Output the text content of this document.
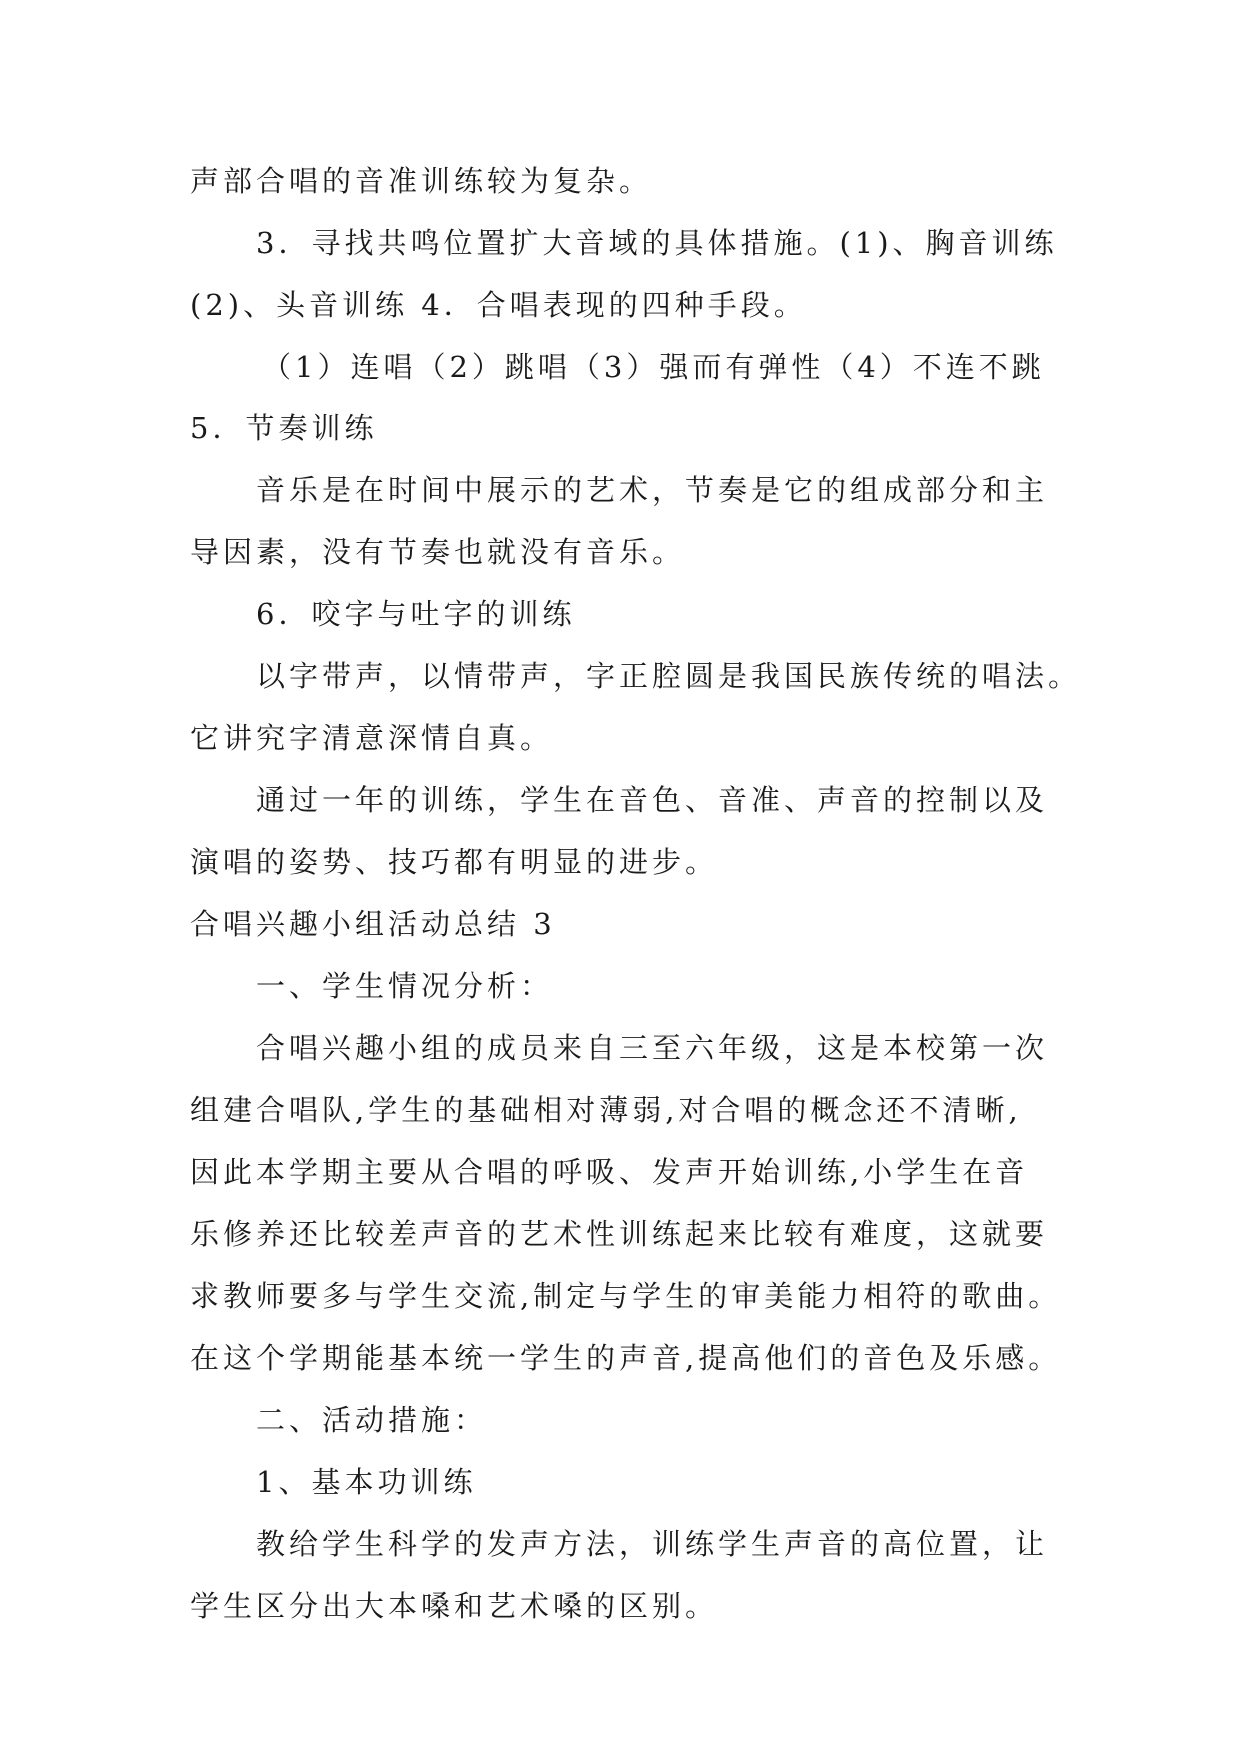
声部合唱的音准训练较为复杂。
3．寻找共鸣位置扩大音域的具体措施。(1)、胸音训练
(2)、头音训练 4．合唱表现的四种手段。
（1）连唱（2）跳唱（3）强而有弹性（4）不连不跳
5．节奏训练
音乐是在时间中展示的艺术，节奏是它的组成部分和主
导因素，没有节奏也就没有音乐。
6．咬字与吐字的训练
以字带声，以情带声，字正腔圆是我国民族传统的唱法。
它讲究字清意深情自真。
通过一年的训练，学生在音色、音准、声音的控制以及
演唱的姿势、技巧都有明显的进步。
合唱兴趣小组活动总结 3
一、学生情况分析：
合唱兴趣小组的成员来自三至六年级，这是本校第一次
组建合唱队,学生的基础相对薄弱,对合唱的概念还不清晰,
因此本学期主要从合唱的呼吸、发声开始训练,小学生在音
乐修养还比较差声音的艺术性训练起来比较有难度，这就要
求教师要多与学生交流,制定与学生的审美能力相符的歌曲。
在这个学期能基本统一学生的声音,提高他们的音色及乐感。
二、活动措施：
1、基本功训练
教给学生科学的发声方法，训练学生声音的高位置，让
学生区分出大本嗓和艺术嗓的区别。
